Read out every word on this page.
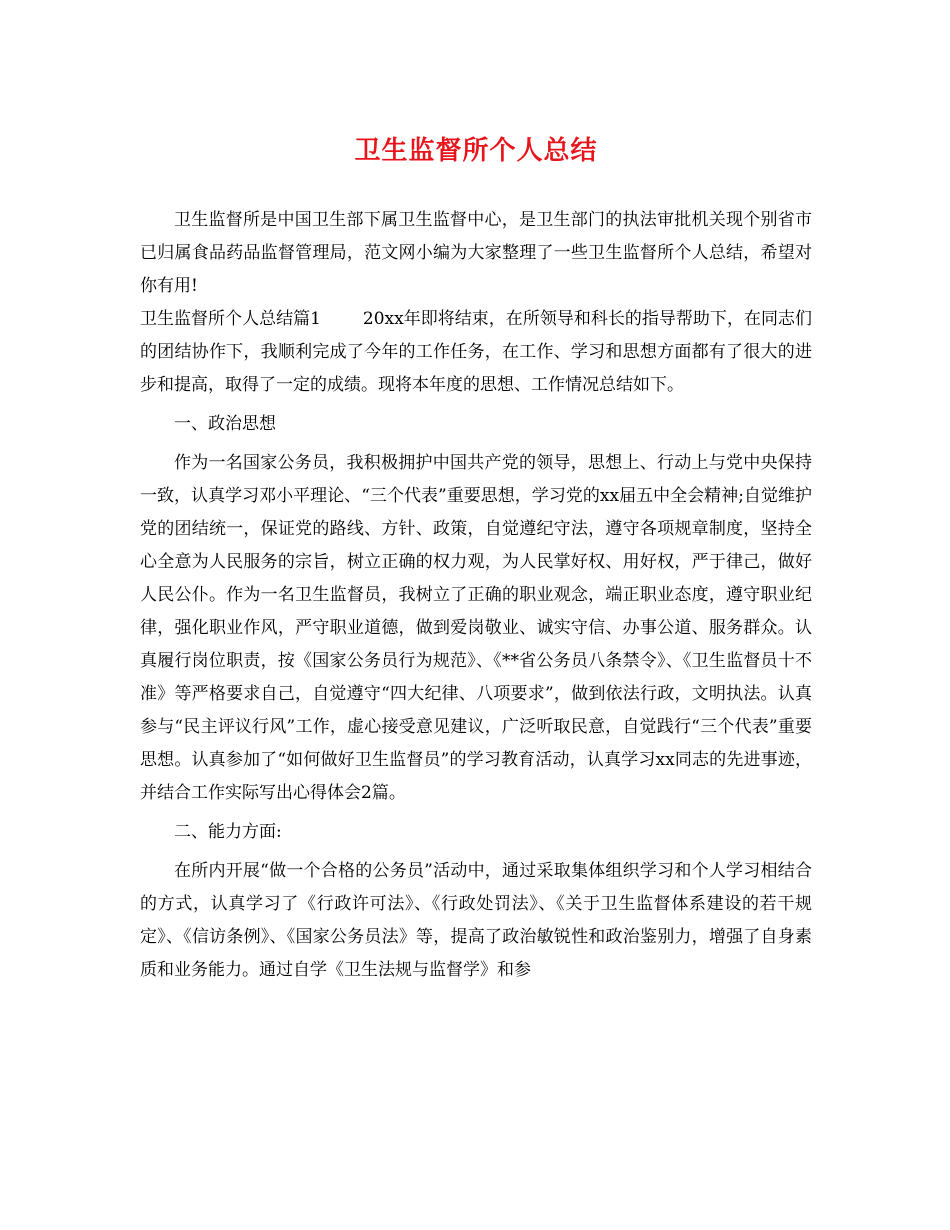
卫生监督所个人总结

卫生监督所是中国卫生部下属卫生监督中心，是卫生部门的执法审批机关现个别省市已归属食品药品监督管理局，范文网小编为大家整理了一些卫生监督所个人总结，希望对你有用!

卫生监督所个人总结篇1 20xx年即将结束，在所领导和科长的指导帮助下，在同志们的团结协作下，我顺利完成了今年的工作任务，在工作、学习和思想方面都有了很大的进步和提高，取得了一定的成绩。现将本年度的思想、工作情况总结如下。

一、政治思想

作为一名国家公务员，我积极拥护中国共产党的领导，思想上、行动上与党中央保持一致，认真学习邓小平理论、“三个代表”重要思想，学习党的xx届五中全会精神;自觉维护党的团结统一，保证党的路线、方针、政策，自觉遵纪守法，遵守各项规章制度，坚持全心全意为人民服务的宗旨，树立正确的权力观，为人民掌好权、用好权，严于律己，做好人民公仆。作为一名卫生监督员，我树立了正确的职业观念，端正职业态度，遵守职业纪律，强化职业作风，严守职业道德，做到爱岗敬业、诚实守信、办事公道、服务群众。认真履行岗位职责，按《国家公务员行为规范》、《**省公务员八条禁令》、《卫生监督员十不准》等严格要求自己，自觉遵守“四大纪律、八项要求”，做到依法行政，文明执法。认真参与“民主评议行风”工作，虚心接受意见建议，广泛听取民意，自觉践行“三个代表”重要思想。认真参加了“如何做好卫生监督员”的学习教育活动，认真学习xx同志的先进事迹，并结合工作实际写出心得体会2篇。

二、能力方面:

在所内开展“做一个合格的公务员”活动中，通过采取集体组织学习和个人学习相结合的方式，认真学习了《行政许可法》、《行政处罚法》、《关于卫生监督体系建设的若干规定》、《信访条例》、《国家公务员法》等，提高了政治敏锐性和政治鉴别力，增强了自身素质和业务能力。通过自学《卫生法规与监督学》和参
